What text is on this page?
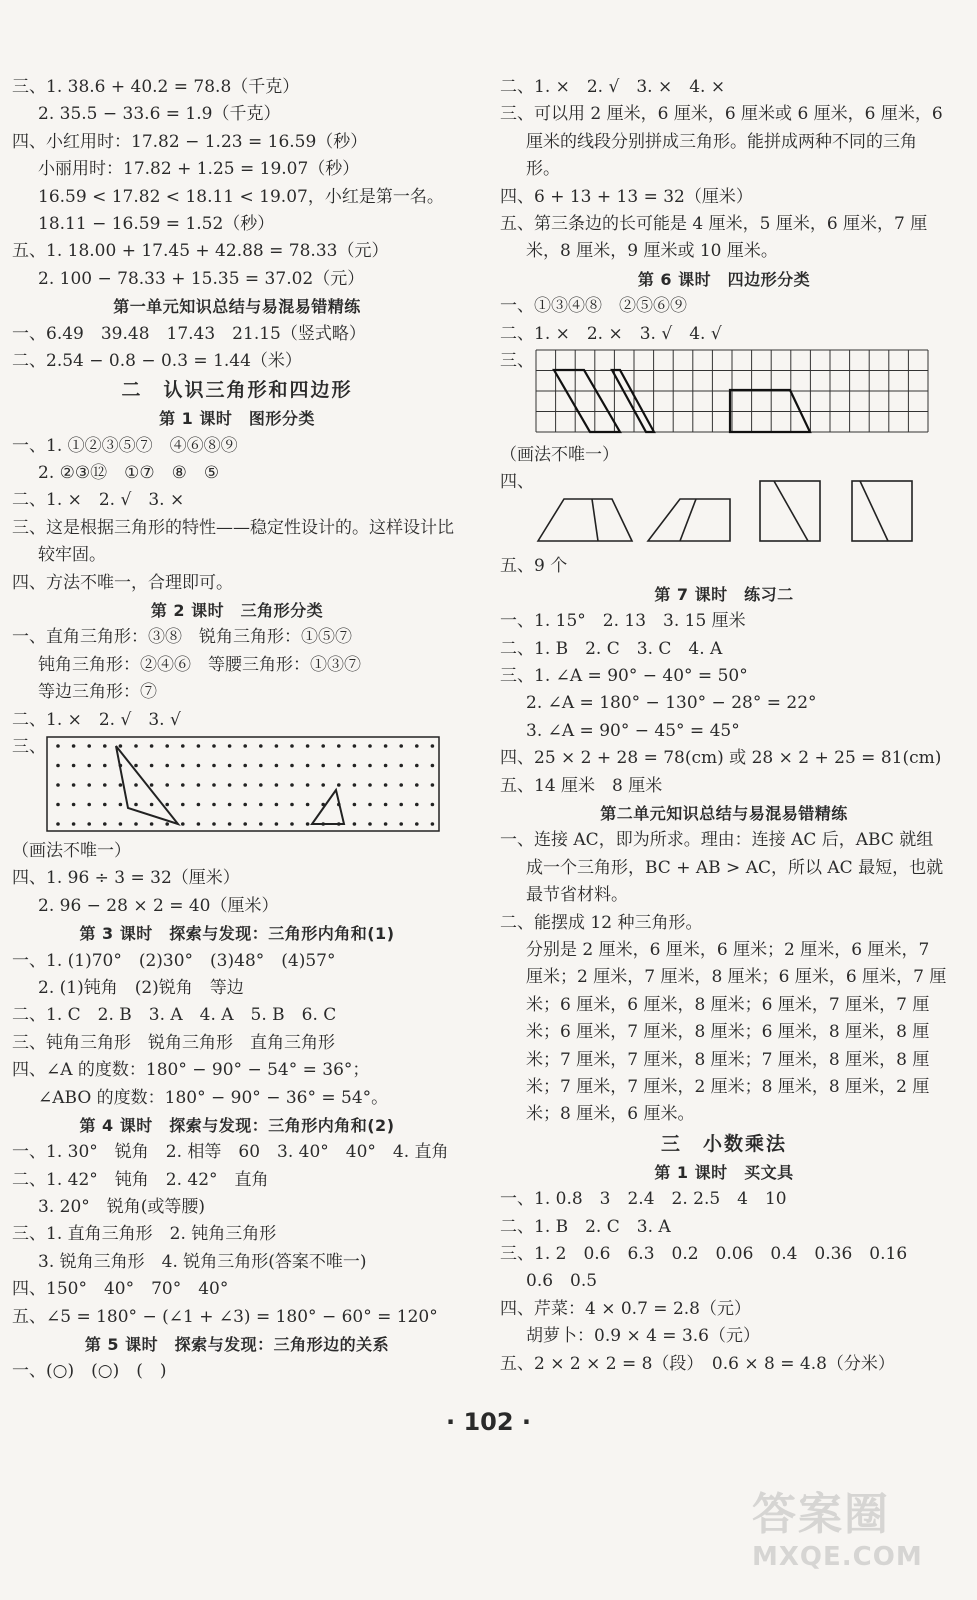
三、1. 38.6 + 40.2 = 78.8（千克）
2. 35.5 − 33.6 = 1.9（千克）
四、小红用时：17.82 − 1.23 = 16.59（秒）
小丽用时：17.82 + 1.25 = 19.07（秒）
16.59 < 17.82 < 18.11 < 19.07，小红是第一名。
18.11 − 16.59 = 1.52（秒）
五、1. 18.00 + 17.45 + 42.88 = 78.33（元）
2. 100 − 78.33 + 15.35 = 37.02（元）
第一单元知识总结与易混易错精练
一、6.49　39.48　17.43　21.15（竖式略）
二、2.54 − 0.8 − 0.3 = 1.44（米）
二　认识三角形和四边形
第 1 课时　图形分类
一、1. ①②③⑤⑦　④⑥⑧⑨
2. ②③⑫　①⑦　⑧　⑤
二、1. ×　2. √　3. ×
三、这是根据三角形的特性——稳定性设计的。这样设计比较牢固。
四、方法不唯一，合理即可。
第 2 课时　三角形分类
一、直角三角形：③⑧　锐角三角形：①⑤⑦
钝角三角形：②④⑥　等腰三角形：①③⑦
等边三角形：⑦
二、1. ×　2. √　3. √
三、
（画法不唯一）
四、1. 96 ÷ 3 = 32（厘米）
2. 96 − 28 × 2 = 40（厘米）
第 3 课时　探索与发现：三角形内角和(1)
一、1. (1)70°　(2)30°　(3)48°　(4)57°
2. (1)钝角　(2)锐角　等边
二、1. C　2. B　3. A　4. A　5. B　6. C
三、钝角三角形　锐角三角形　直角三角形
四、∠A 的度数：180° − 90° − 54° = 36°；
∠ABO 的度数：180° − 90° − 36° = 54°。
第 4 课时　探索与发现：三角形内角和(2)
一、1. 30°　锐角　2. 相等　60　3. 40°　40°　4. 直角
二、1. 42°　钝角　2. 42°　直角
3. 20°　锐角(或等腰)
三、1. 直角三角形　2. 钝角三角形
3. 锐角三角形　4. 锐角三角形(答案不唯一)
四、150°　40°　70°　40°
五、∠5 = 180° − (∠1 + ∠3) = 180° − 60° = 120°
第 5 课时　探索与发现：三角形边的关系
一、(○)　(○)　(　)
二、1. ×　2. √　3. ×　4. ×
三、可以用 2 厘米，6 厘米，6 厘米或 6 厘米，6 厘米，6 厘米的线段分别拼成三角形。能拼成两种不同的三角形。
四、6 + 13 + 13 = 32（厘米）
五、第三条边的长可能是 4 厘米，5 厘米，6 厘米，7 厘米，8 厘米，9 厘米或 10 厘米。
第 6 课时　四边形分类
一、①③④⑧　②⑤⑥⑨
二、1. ×　2. ×　3. √　4. √
三、
（画法不唯一）
四、
五、9 个
第 7 课时　练习二
一、1. 15°　2. 13　3. 15 厘米
二、1. B　2. C　3. C　4. A
三、1. ∠A = 90° − 40° = 50°
2. ∠A = 180° − 130° − 28° = 22°
3. ∠A = 90° − 45° = 45°
四、25 × 2 + 28 = 78(cm) 或 28 × 2 + 25 = 81(cm)
五、14 厘米　8 厘米
第二单元知识总结与易混易错精练
一、连接 AC，即为所求。理由：连接 AC 后，ABC 就组成一个三角形，BC + AB > AC，所以 AC 最短，也就最节省材料。
二、能摆成 12 种三角形。
分别是 2 厘米，6 厘米，6 厘米；2 厘米，6 厘米，7 厘米；2 厘米，7 厘米，8 厘米；6 厘米，6 厘米，7 厘米；6 厘米，6 厘米，8 厘米；6 厘米，7 厘米，7 厘米；6 厘米，7 厘米，8 厘米；6 厘米，8 厘米，8 厘米；7 厘米，7 厘米，8 厘米；7 厘米，8 厘米，8 厘米；7 厘米，7 厘米，2 厘米；8 厘米，8 厘米，2 厘米；8 厘米，6 厘米。
三　小数乘法
第 1 课时　买文具
一、1. 0.8　3　2.4　2. 2.5　4　10
二、1. B　2. C　3. A
三、1. 2　0.6　6.3　0.2　0.06　0.4　0.36　0.16　0.6　0.5
四、芹菜：4 × 0.7 = 2.8（元）
胡萝卜：0.9 × 4 = 3.6（元）
五、2 × 2 × 2 = 8（段）　0.6 × 8 = 4.8（分米）
· 102 ·
答案圈
MXQE.COM
